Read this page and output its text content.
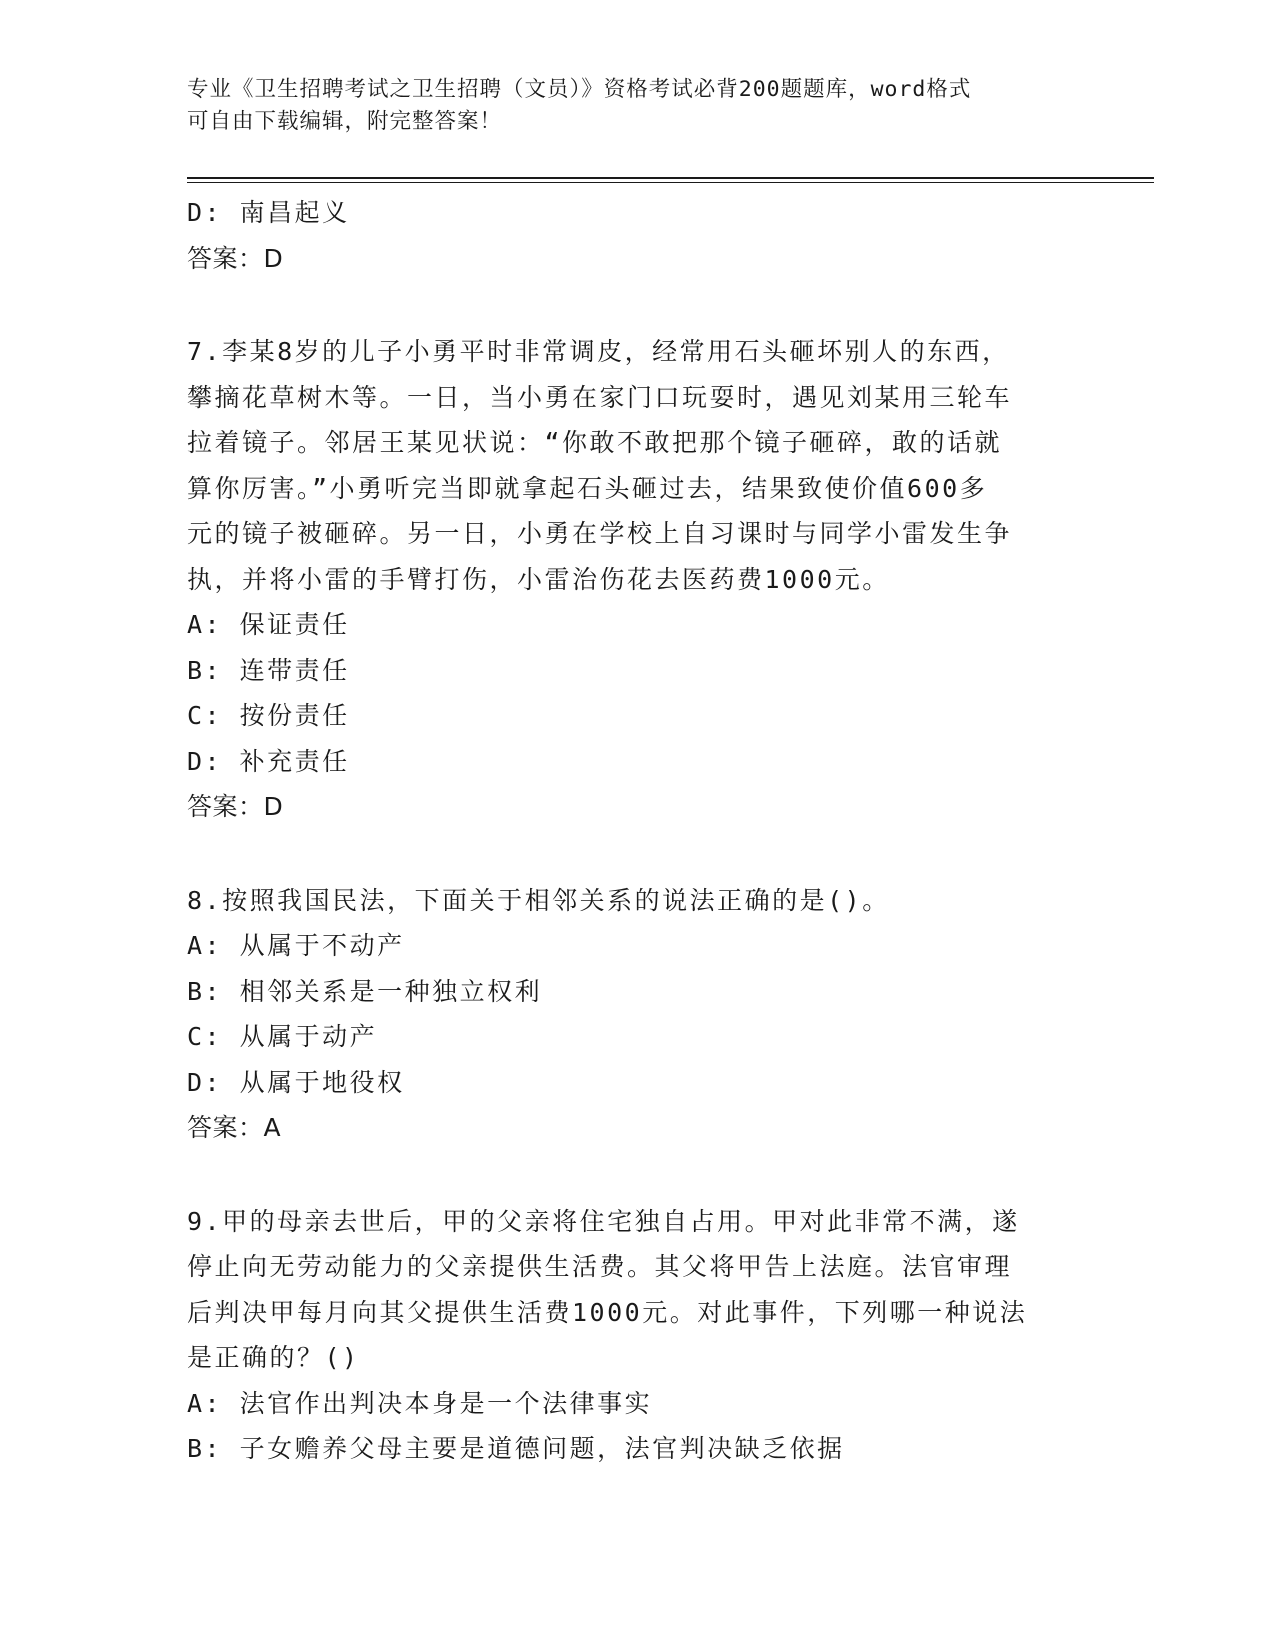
专业《卫生招聘考试之卫生招聘（文员）》资格考试必背200题题库，word格式
可自由下载编辑，附完整答案！
D: 南昌起义
答案：D
7.李某8岁的儿子小勇平时非常调皮，经常用石头砸坏别人的东西，
攀摘花草树木等。一日，当小勇在家门口玩耍时，遇见刘某用三轮车
拉着镜子。邻居王某见状说：“你敢不敢把那个镜子砸碎，敢的话就
算你厉害。”小勇听完当即就拿起石头砸过去，结果致使价值600多
元的镜子被砸碎。另一日，小勇在学校上自习课时与同学小雷发生争
执，并将小雷的手臂打伤，小雷治伤花去医药费1000元。
A: 保证责任
B: 连带责任
C: 按份责任
D: 补充责任
答案：D
8.按照我国民法，下面关于相邻关系的说法正确的是()。
A: 从属于不动产
B: 相邻关系是一种独立权利
C: 从属于动产
D: 从属于地役权
答案：A
9.甲的母亲去世后，甲的父亲将住宅独自占用。甲对此非常不满，遂
停止向无劳动能力的父亲提供生活费。其父将甲告上法庭。法官审理
后判决甲每月向其父提供生活费1000元。对此事件，下列哪一种说法
是正确的？()
A: 法官作出判决本身是一个法律事实
B: 子女赡养父母主要是道德问题，法官判决缺乏依据
